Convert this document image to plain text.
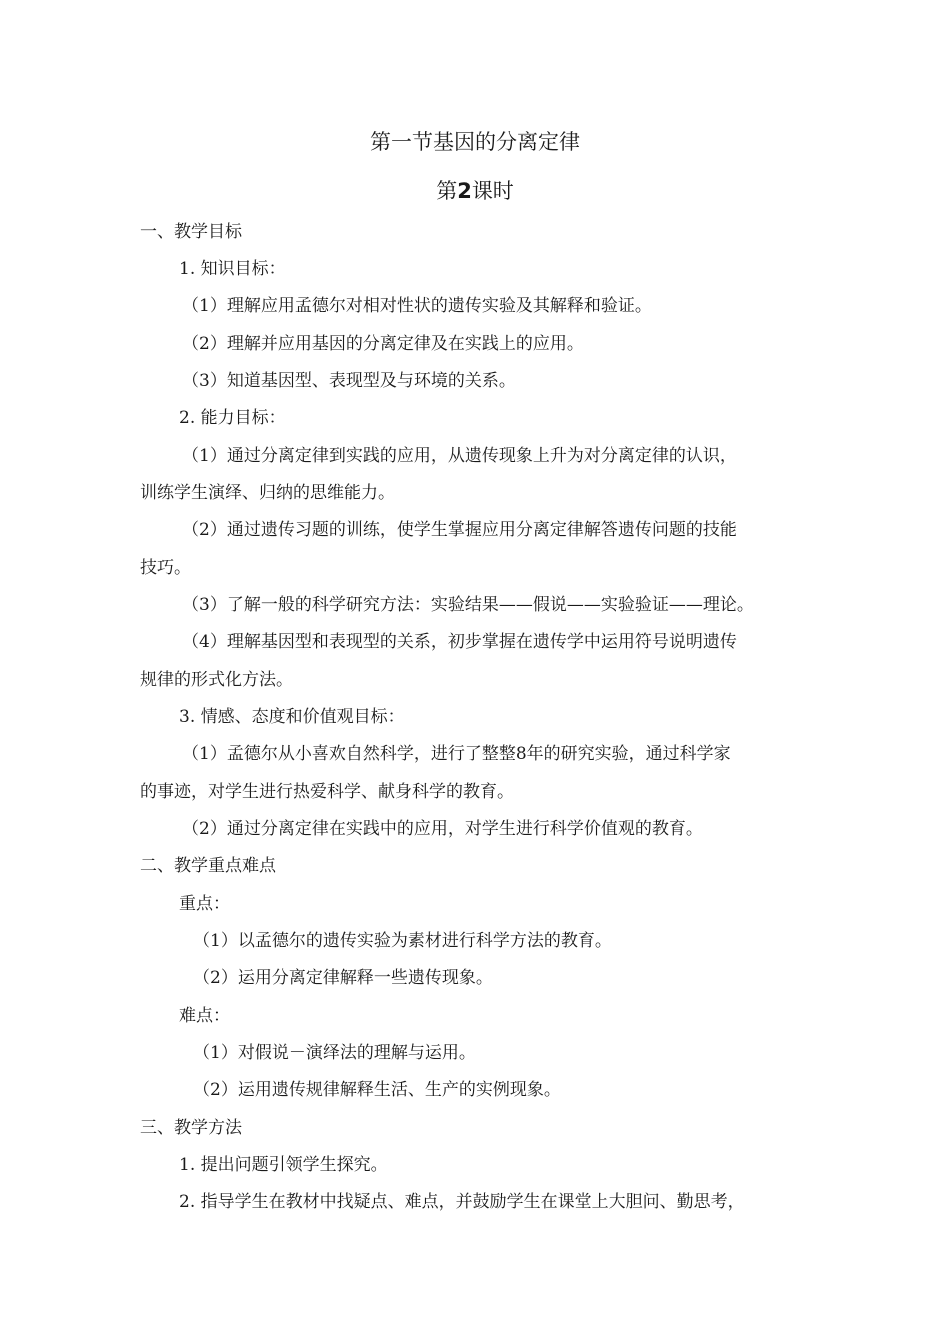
第一节基因的分离定律
第2课时
一、教学目标
1. 知识目标：
（1）理解应用孟德尔对相对性状的遗传实验及其解释和验证。
（2）理解并应用基因的分离定律及在实践上的应用。
（3）知道基因型、表现型及与环境的关系。
2. 能力目标：
（1）通过分离定律到实践的应用，从遗传现象上升为对分离定律的认识，
训练学生演绎、归纳的思维能力。
（2）通过遗传习题的训练，使学生掌握应用分离定律解答遗传问题的技能
技巧。
（3）了解一般的科学研究方法：实验结果——假说——实验验证——理论。
（4）理解基因型和表现型的关系，初步掌握在遗传学中运用符号说明遗传
规律的形式化方法。
3. 情感、态度和价值观目标：
（1）孟德尔从小喜欢自然科学，进行了整整8年的研究实验，通过科学家
的事迹，对学生进行热爱科学、献身科学的教育。
（2）通过分离定律在实践中的应用，对学生进行科学价值观的教育。
二、教学重点难点
重点：
（1）以孟德尔的遗传实验为素材进行科学方法的教育。
（2）运用分离定律解释一些遗传现象。
难点：
（1）对假说－演绎法的理解与运用。
（2）运用遗传规律解释生活、生产的实例现象。
三、教学方法
1. 提出问题引领学生探究。
2. 指导学生在教材中找疑点、难点，并鼓励学生在课堂上大胆问、勤思考，
